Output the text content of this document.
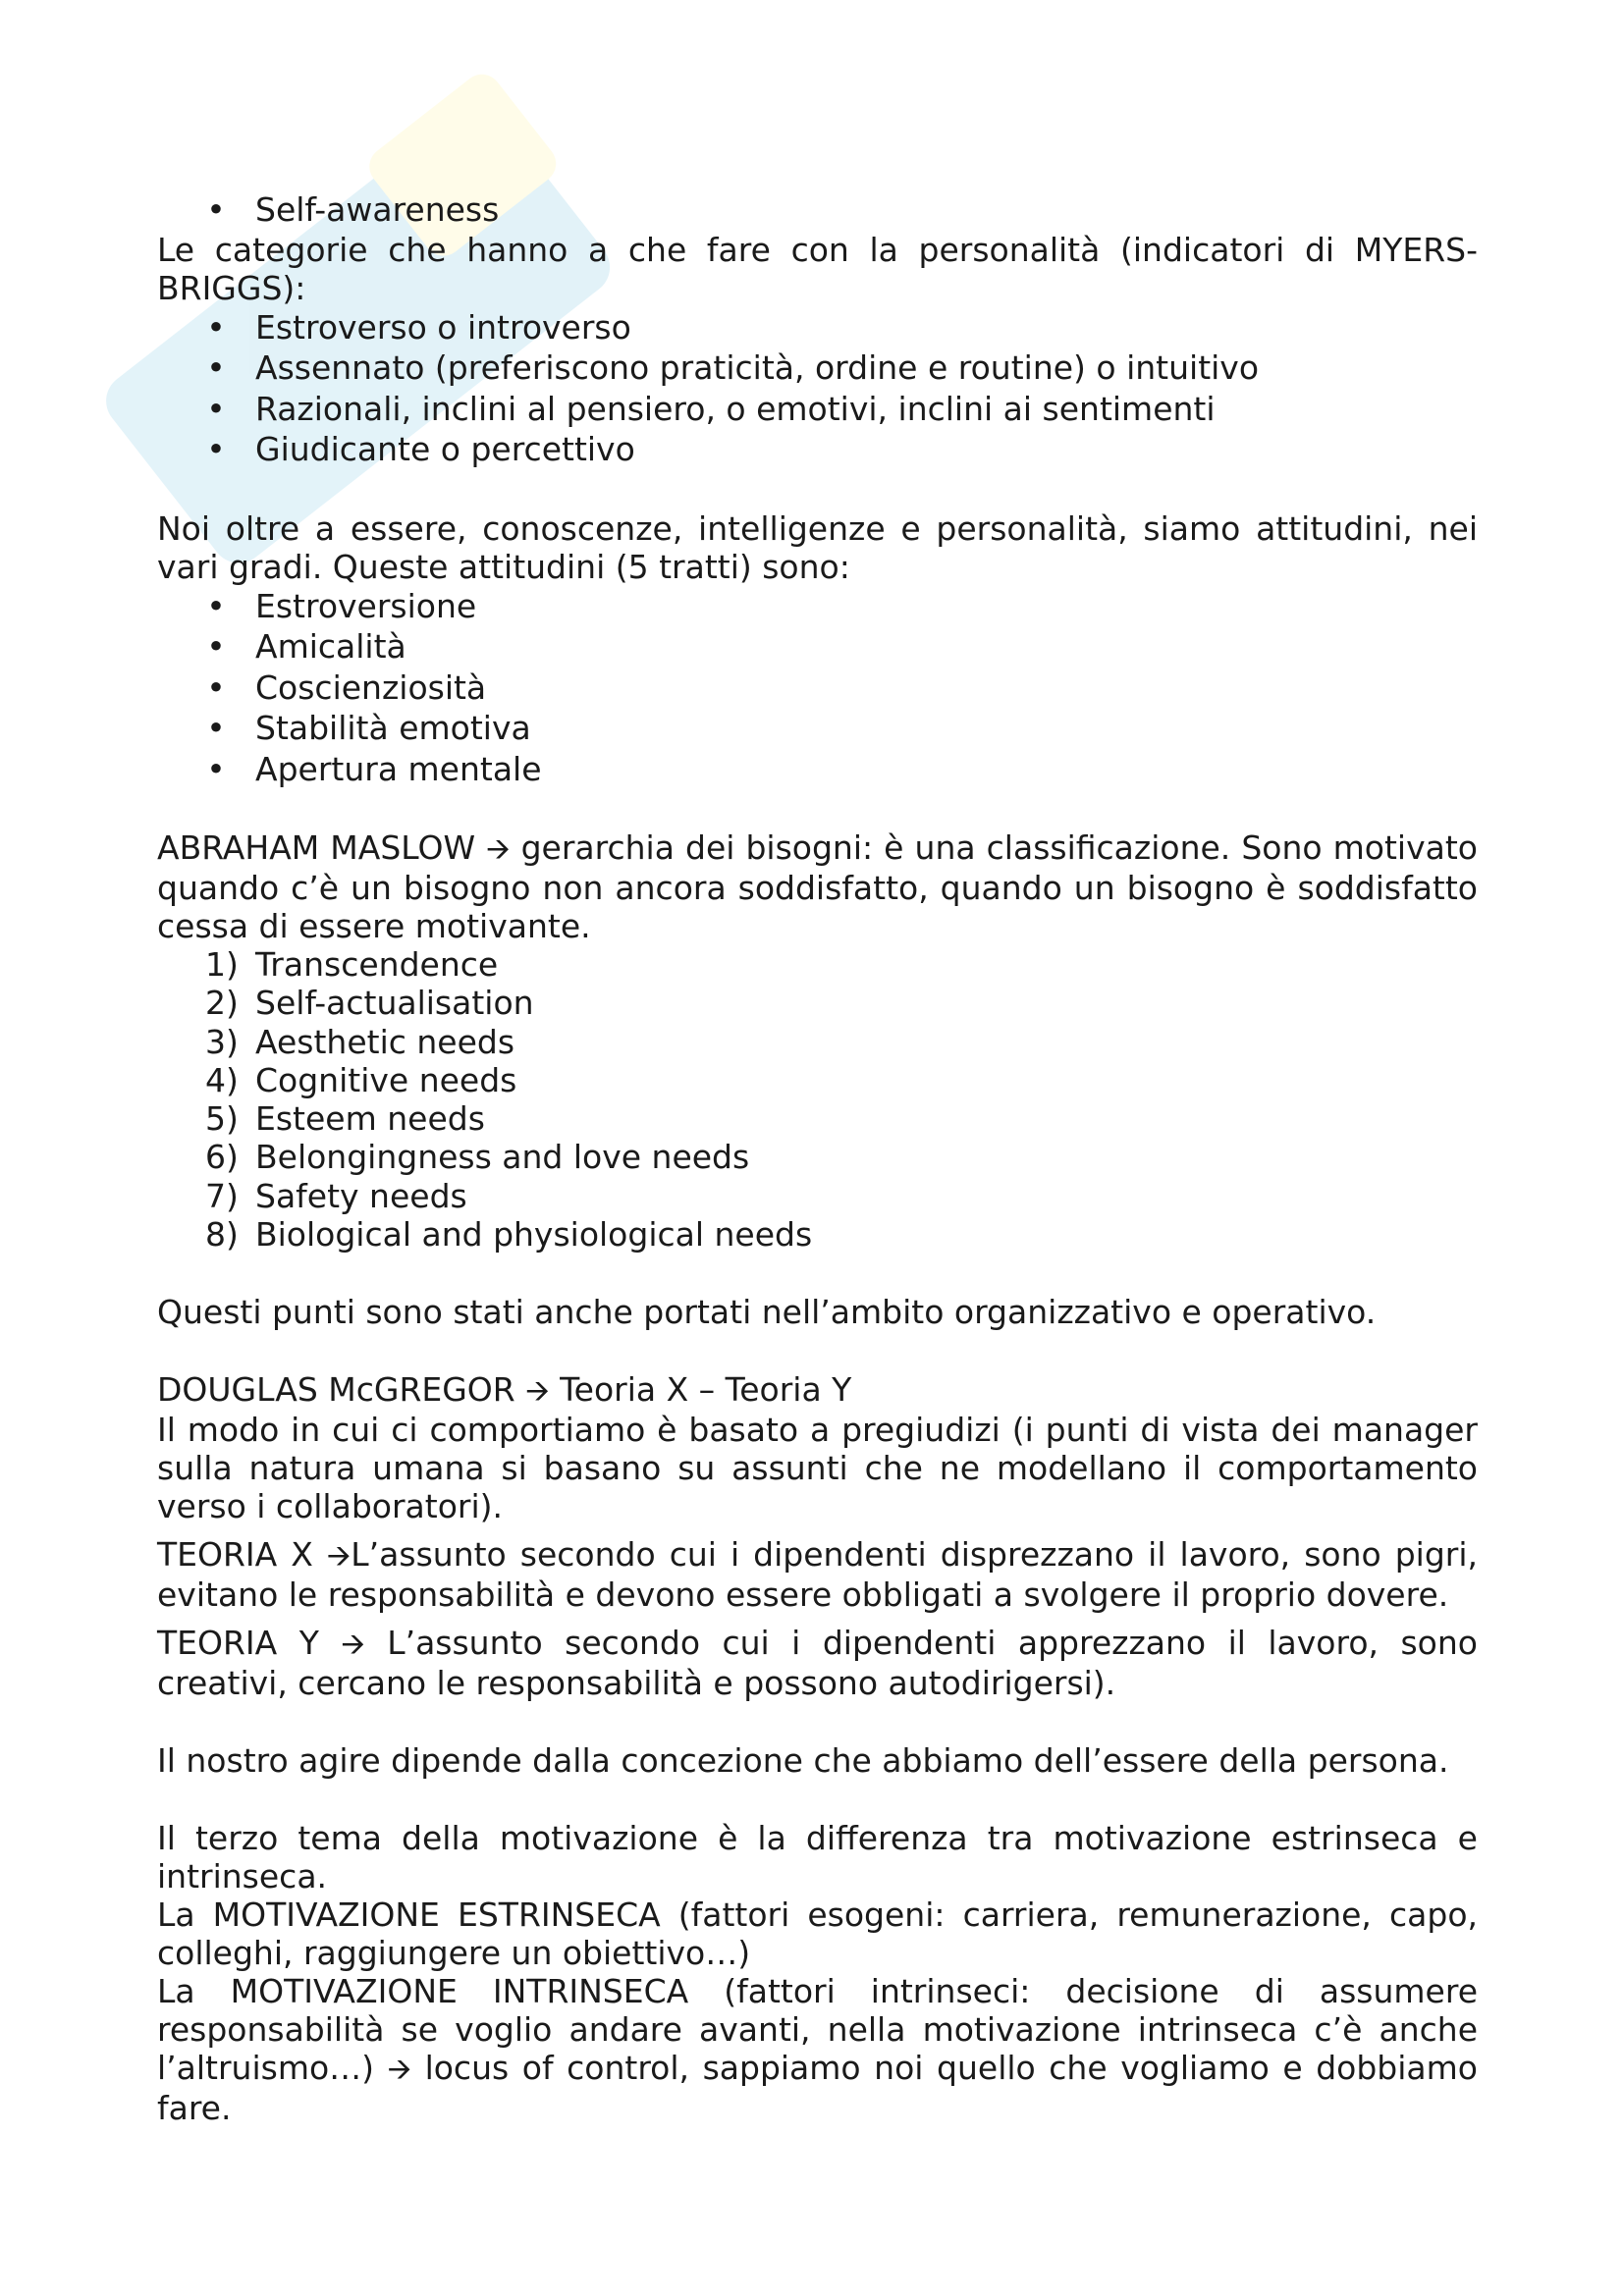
• Self-awareness

Le categorie che hanno a che fare con la personalità (indicatori di MYERS-BRIGGS):

• Estroverso o introverso
• Assennato (preferiscono praticità, ordine e routine) o intuitivo
• Razionali, inclini al pensiero, o emotivi, inclini ai sentimenti
• Giudicante o percettivo

Noi oltre a essere, conoscenze, intelligenze e personalità, siamo attitudini, nei vari gradi. Queste attitudini (5 tratti) sono:

• Estroversione
• Amicalità
• Coscienziosità
• Stabilità emotiva
• Apertura mentale

ABRAHAM MASLOW 🡪 gerarchia dei bisogni: è una classificazione. Sono motivato quando c’è un bisogno non ancora soddisfatto, quando un bisogno è soddisfatto cessa di essere motivante.

1) Transcendence
2) Self-actualisation
3) Aesthetic needs
4) Cognitive needs
5) Esteem needs
6) Belongingness and love needs
7) Safety needs
8) Biological and physiological needs

Questi punti sono stati anche portati nell’ambito organizzativo e operativo.

DOUGLAS McGREGOR 🡪 Teoria X – Teoria Y

Il modo in cui ci comportiamo è basato a pregiudizi (i punti di vista dei manager sulla natura umana si basano su assunti che ne modellano il comportamento verso i collaboratori).

TEORIA X 🡪L’assunto secondo cui i dipendenti disprezzano il lavoro, sono pigri, evitano le responsabilità e devono essere obbligati a svolgere il proprio dovere.

TEORIA Y 🡪 L’assunto secondo cui i dipendenti apprezzano il lavoro, sono creativi, cercano le responsabilità e possono autodirigersi).

Il nostro agire dipende dalla concezione che abbiamo dell’essere della persona.

Il terzo tema della motivazione è la differenza tra motivazione estrinseca e intrinseca.

La MOTIVAZIONE ESTRINSECA (fattori esogeni: carriera, remunerazione, capo, colleghi, raggiungere un obiettivo…)

La MOTIVAZIONE INTRINSECA (fattori intrinseci: decisione di assumere responsabilità se voglio andare avanti, nella motivazione intrinseca c’è anche l’altruismo…) 🡪 locus of control, sappiamo noi quello che vogliamo e dobbiamo fare.
